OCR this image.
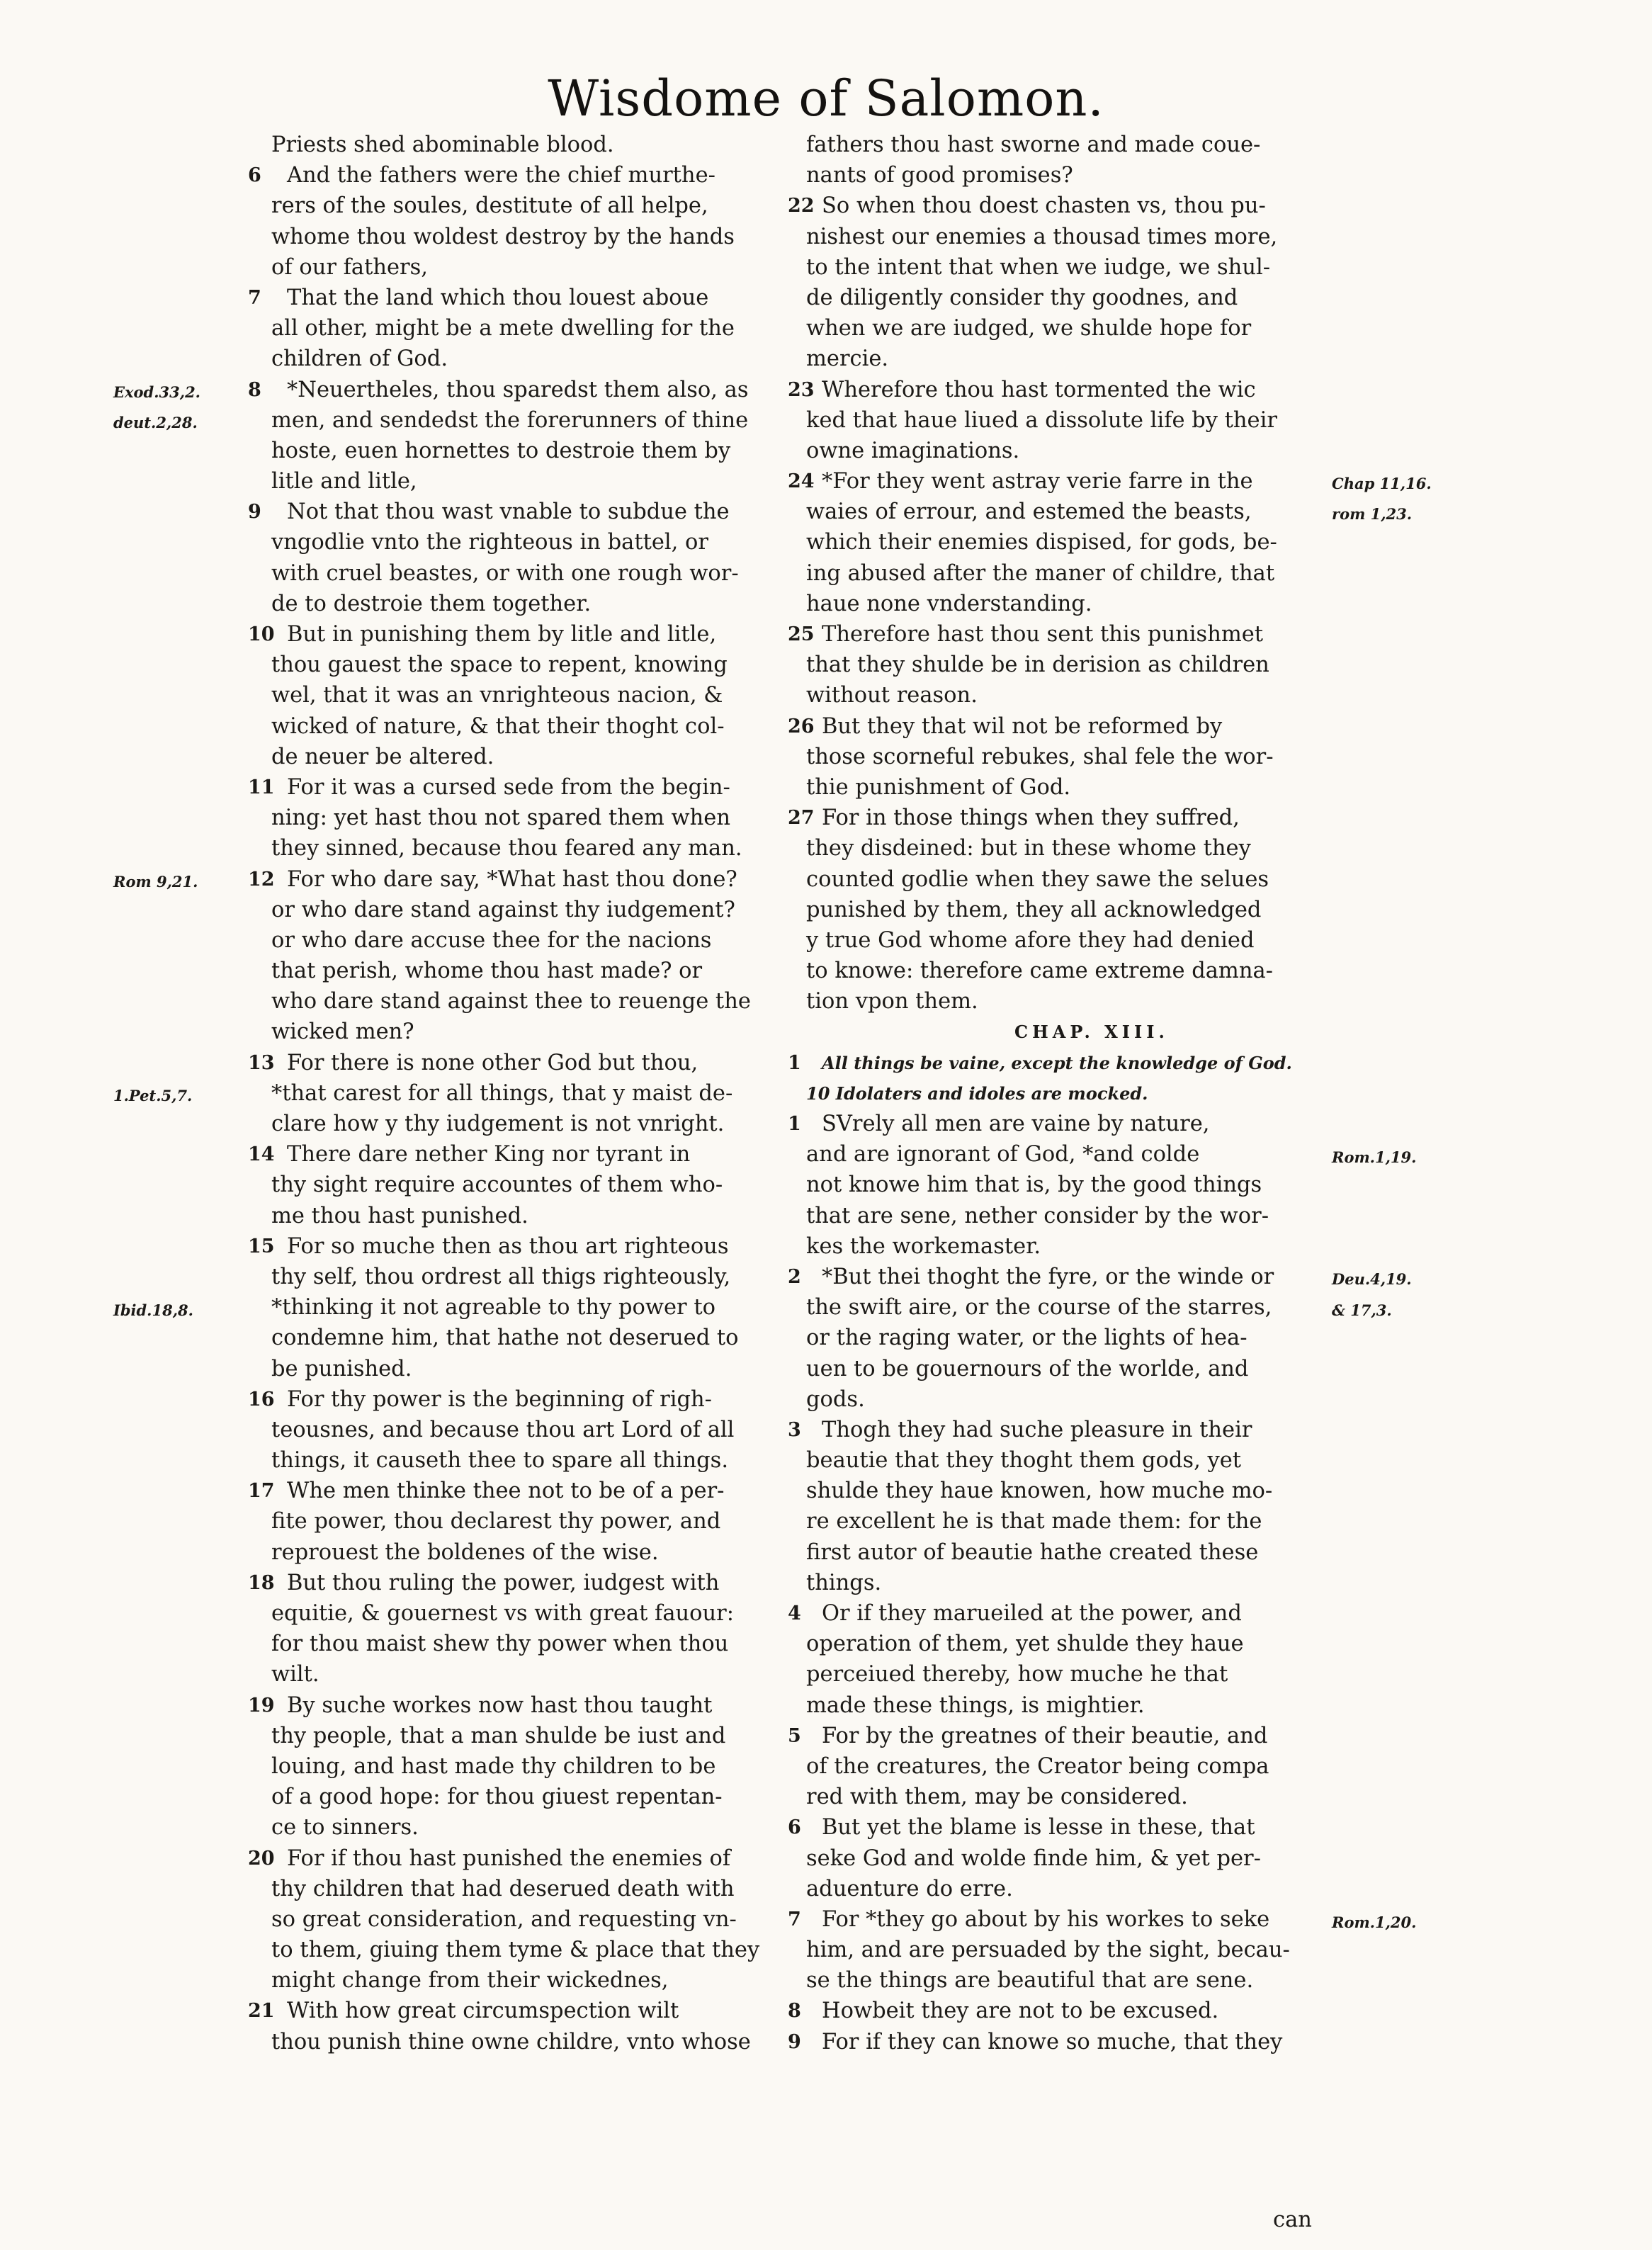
Wisdome of Salomon.
Priests shed abominable blood.
6 And the fathers were the chief murthe-
rers of the soules, destitute of all helpe,
whome thou woldest destroy by the hands
of our fathers,
7 That the land which thou louest aboue
all other, might be a mete dwelling for the
children of God.
8 *Neuertheles, thou sparedst them also, as
men, and sendedst the forerunners of thine
hoste, euen hornettes to destroie them by
litle and litle,
9 Not that thou wast vnable to subdue the
vngodlie vnto the righteous in battel, or
with cruel beastes, or with one rough wor-
de to destroie them together.
10 But in punishing them by litle and litle,
thou gauest the space to repent, knowing
wel, that it was an vnrighteous nacion, &
wicked of nature, & that their thoght col-
de neuer be altered.
11 For it was a cursed sede from the begin-
ning: yet hast thou not spared them when
they sinned, because thou feared any man.
12 For who dare say, *What hast thou done?
or who dare stand against thy iudgement?
or who dare accuse thee for the nacions
that perish, whome thou hast made? or
who dare stand against thee to reuenge the
wicked men?
13 For there is none other God but thou,
*that carest for all things, that y maist de-
clare how y thy iudgement is not vnright.
14 There dare nether King nor tyrant in
thy sight require accountes of them who-
me thou hast punished.
15 For so muche then as thou art righteous
thy self, thou ordrest all thigs righteously,
*thinking it not agreable to thy power to
condemne him, that hathe not deserued to
be punished.
16 For thy power is the beginning of righ-
teousnes, and because thou art Lord of all
things, it causeth thee to spare all things.
17 Whe men thinke thee not to be of a per-
fite power, thou declarest thy power, and
reprouest the boldenes of the wise.
18 But thou ruling the power, iudgest with
equitie, & gouernest vs with great fauour:
for thou maist shew thy power when thou
wilt.
19 By suche workes now hast thou taught
thy people, that a man shulde be iust and
louing, and hast made thy children to be
of a good hope: for thou giuest repentan-
ce to sinners.
20 For if thou hast punished the enemies of
thy children that had deserued death with
so great consideration, and requesting vn-
to them, giuing them tyme & place that they
might change from their wickednes,
21 With how great circumspection wilt
thou punish thine owne childre, vnto whose
fathers thou hast sworne and made coue-
nants of good promises?
22 So when thou doest chasten vs, thou pu-
nishest our enemies a thousad times more,
to the intent that when we iudge, we shul-
de diligently consider thy goodnes, and
when we are iudged, we shulde hope for
mercie.
23 Wherefore thou hast tormented the wic
ked that haue liued a dissolute life by their
owne imaginations.
24 *For they went astray verie farre in the
waies of errour, and estemed the beasts,
which their enemies dispised, for gods, be-
ing abused after the maner of childre, that
haue none vnderstanding.
25 Therefore hast thou sent this punishmet
that they shulde be in derision as children
without reason.
26 But they that wil not be reformed by
those scorneful rebukes, shal fele the wor-
thie punishment of God.
27 For in those things when they suffred,
they disdeined: but in these whome they
counted godlie when they sawe the selues
punished by them, they all acknowledged
y true God whome afore they had denied
to knowe: therefore came extreme damna-
tion vpon them.
CHAP. XIII.
1 All things be vaine, except the knowledge of God.
10 Idolaters and idoles are mocked.
1 SVrely all men are vaine by nature,
and are ignorant of God, *and colde
not knowe him that is, by the good things
that are sene, nether consider by the wor-
kes the workemaster.
2 *But thei thoght the fyre, or the winde or
the swift aire, or the course of the starres,
or the raging water, or the lights of hea-
uen to be gouernours of the worlde, and
gods.
3 Thogh they had suche pleasure in their
beautie that they thoght them gods, yet
shulde they haue knowen, how muche mo-
re excellent he is that made them: for the
first autor of beautie hathe created these
things.
4 Or if they marueiled at the power, and
operation of them, yet shulde they haue
perceiued thereby, how muche he that
made these things, is mightier.
5 For by the greatnes of their beautie, and
of the creatures, the Creator being compa
red with them, may be considered.
6 But yet the blame is lesse in these, that
seke God and wolde finde him, & yet per-
aduenture do erre.
7 For *they go about by his workes to seke
him, and are persuaded by the sight, becau-
se the things are beautiful that are sene.
8 Howbeit they are not to be excused.
9 For if they can knowe so muche, that they
Exod.33,2.
deut.2,28.
Rom 9,21.
1.Pet.5,7.
Ibid.18,8.
Chap 11,16.
rom 1,23.
Rom.1,19.
Deu.4,19.
& 17,3.
Rom.1,20.
can
